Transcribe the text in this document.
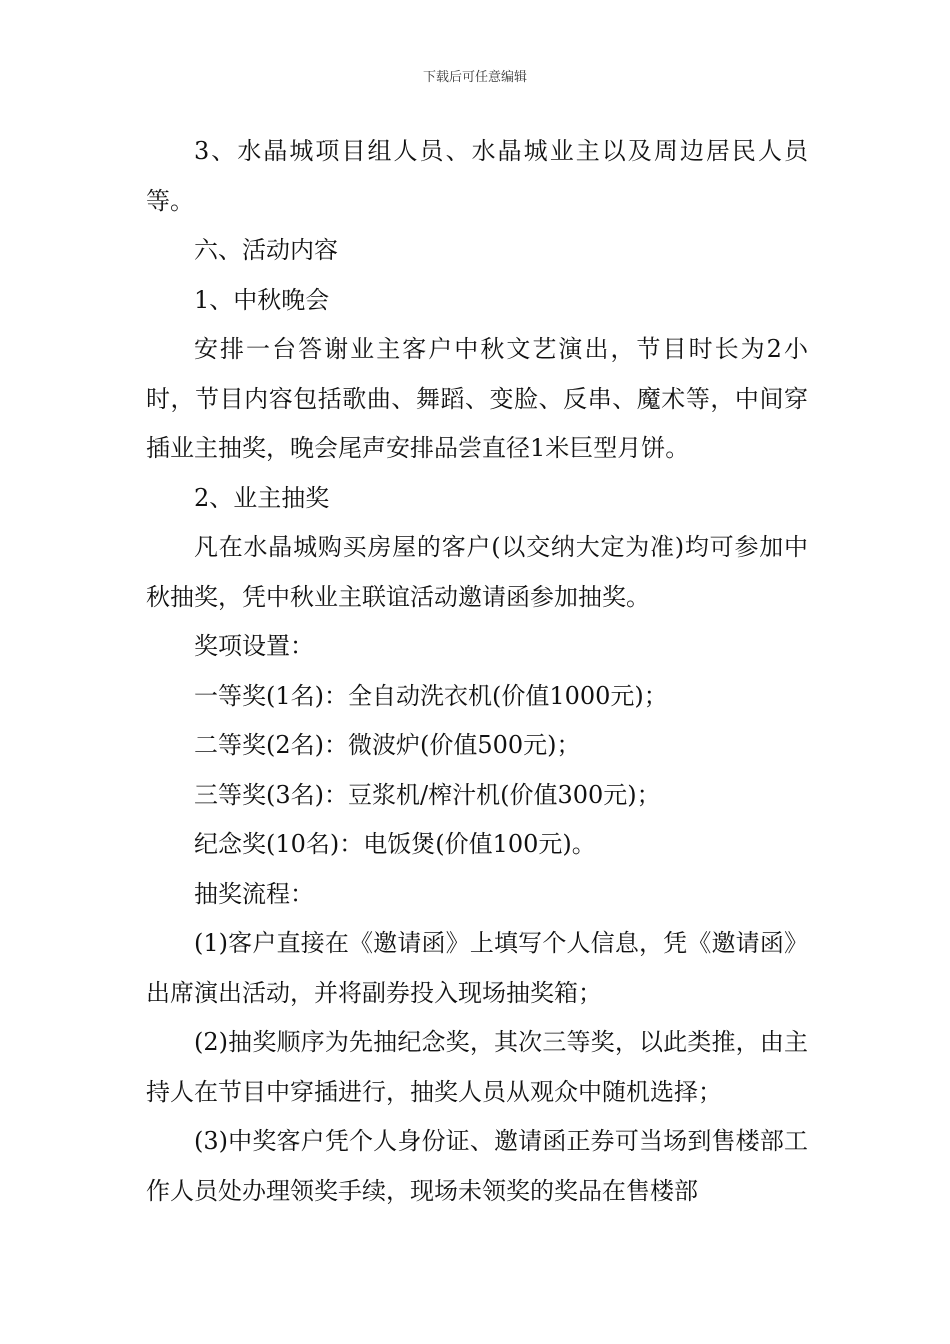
下载后可任意编辑

3、水晶城项目组人员、水晶城业主以及周边居民人员等。

六、活动内容

1、中秋晚会

安排一台答谢业主客户中秋文艺演出，节目时长为2小时，节目内容包括歌曲、舞蹈、变脸、反串、魔术等，中间穿插业主抽奖，晚会尾声安排品尝直径1米巨型月饼。

2、业主抽奖

凡在水晶城购买房屋的客户(以交纳大定为准)均可参加中秋抽奖，凭中秋业主联谊活动邀请函参加抽奖。

奖项设置：

一等奖(1名)：全自动洗衣机(价值1000元)；

二等奖(2名)：微波炉(价值500元)；

三等奖(3名)：豆浆机/榨汁机(价值300元)；

纪念奖(10名)：电饭煲(价值100元)。

抽奖流程：

(1)客户直接在《邀请函》上填写个人信息，凭《邀请函》出席演出活动，并将副券投入现场抽奖箱；

(2)抽奖顺序为先抽纪念奖，其次三等奖，以此类推，由主持人在节目中穿插进行，抽奖人员从观众中随机选择；

(3)中奖客户凭个人身份证、邀请函正券可当场到售楼部工作人员处办理领奖手续，现场未领奖的奖品在售楼部
